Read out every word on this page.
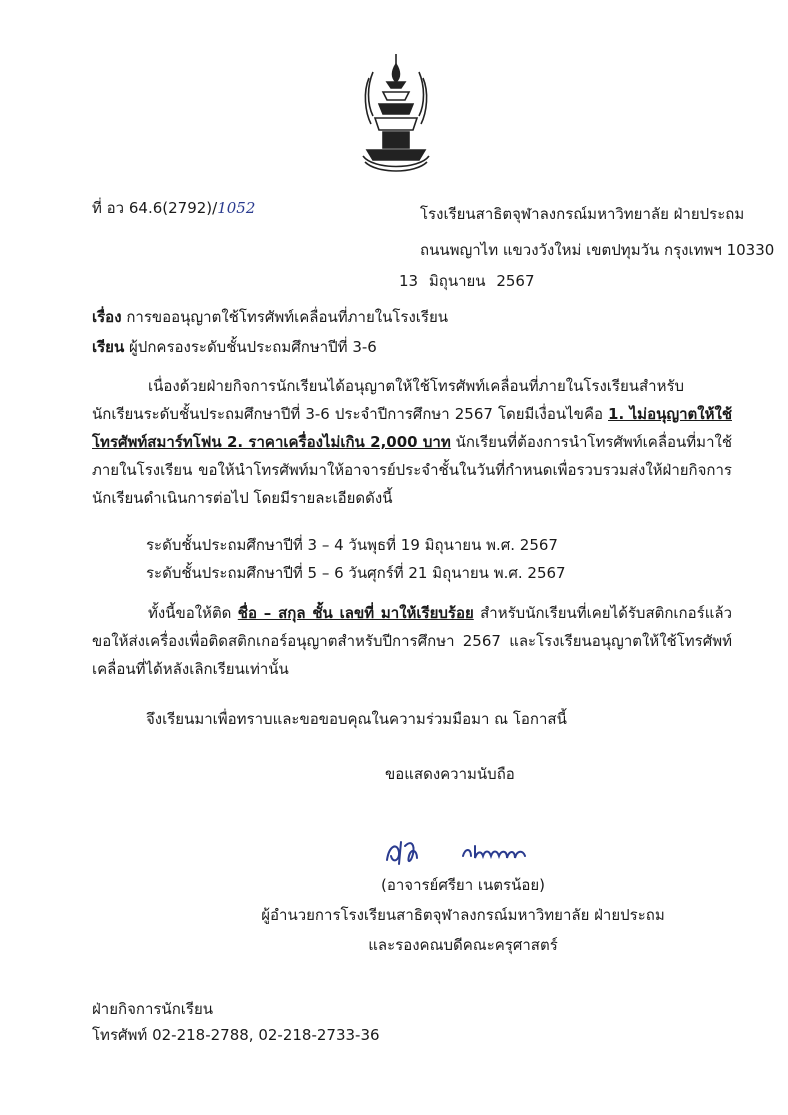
ที่ อว 64.6(2792)/1052	โรงเรียนสาธิตจุฬาลงกรณ์มหาวิทยาลัย ฝ่ายประถม
ถนนพญาไท แขวงวังใหม่ เขตปทุมวัน กรุงเทพฯ 10330
13 มิถุนายน 2567
เรื่อง การขออนุญาตใช้โทรศัพท์เคลื่อนที่ภายในโรงเรียน
เรียน ผู้ปกครองระดับชั้นประถมศึกษาปีที่ 3-6
เนื่องด้วยฝ่ายกิจการนักเรียนได้อนุญาตให้ใช้โทรศัพท์เคลื่อนที่ภายในโรงเรียนสำหรับนักเรียนระดับชั้นประถมศึกษาปีที่ 3-6 ประจำปีการศึกษา 2567 โดยมีเงื่อนไขคือ 1. ไม่อนุญาตให้ใช้โทรศัพท์สมาร์ทโฟน 2. ราคาเครื่องไม่เกิน 2,000 บาท นักเรียนที่ต้องการนำโทรศัพท์เคลื่อนที่มาใช้ภายในโรงเรียน ขอให้นำโทรศัพท์มาให้อาจารย์ประจำชั้นในวันที่กำหนดเพื่อรวบรวมส่งให้ฝ่ายกิจการนักเรียนดำเนินการต่อไป โดยมีรายละเอียดดังนี้
ระดับชั้นประถมศึกษาปีที่ 3 – 4 วันพุธที่ 19 มิถุนายน พ.ศ. 2567
ระดับชั้นประถมศึกษาปีที่ 5 – 6 วันศุกร์ที่ 21 มิถุนายน พ.ศ. 2567
ทั้งนี้ขอให้ติด ชื่อ – สกุล ชั้น เลขที่ มาให้เรียบร้อย สำหรับนักเรียนที่เคยได้รับสติกเกอร์แล้ว ขอให้ส่งเครื่องเพื่อติดสติกเกอร์อนุญาตสำหรับปีการศึกษา 2567 และโรงเรียนอนุญาตให้ใช้โทรศัพท์เคลื่อนที่ได้หลังเลิกเรียนเท่านั้น
จึงเรียนมาเพื่อทราบและขอขอบคุณในความร่วมมือมา ณ โอกาสนี้
ขอแสดงความนับถือ
(อาจารย์ศรียา เนตรน้อย)
ผู้อำนวยการโรงเรียนสาธิตจุฬาลงกรณ์มหาวิทยาลัย ฝ่ายประถม
และรองคณบดีคณะครุศาสตร์
ฝ่ายกิจการนักเรียน
โทรศัพท์ 02-218-2788, 02-218-2733-36
